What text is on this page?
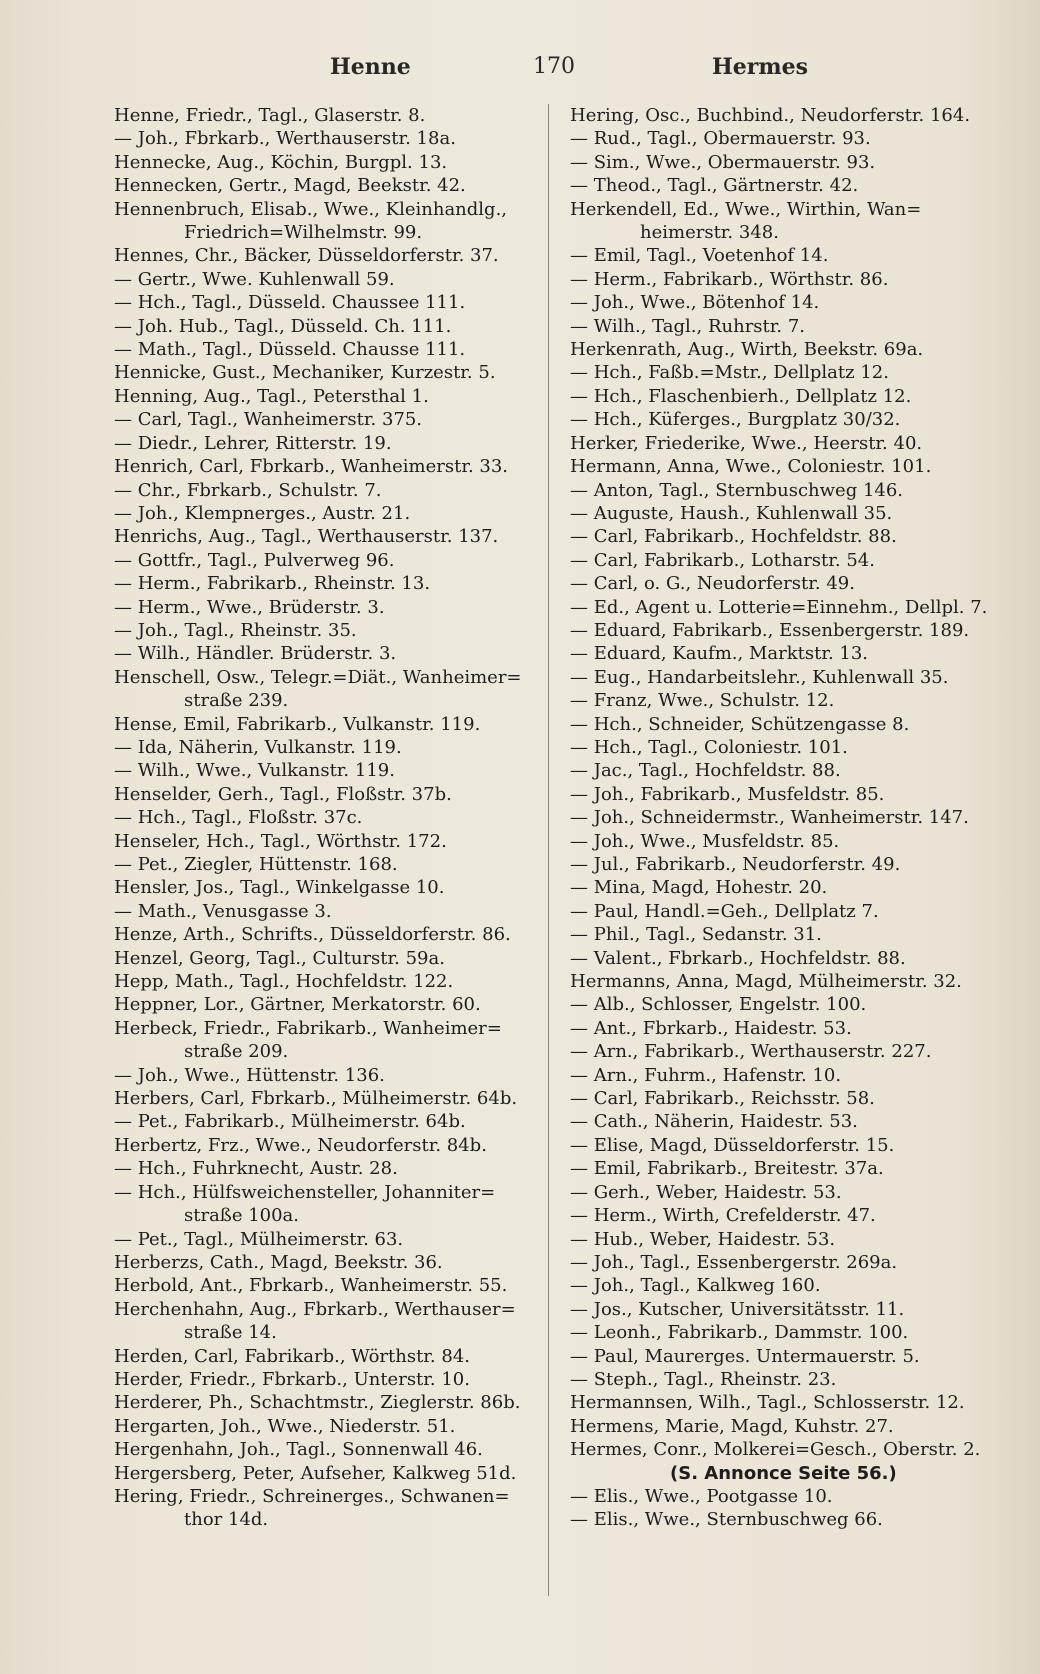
Henne	170	Hermes
Henne, Friedr., Tagl., Glaserstr. 8.
— Joh., Fbrkarb., Werthauserstr. 18a.
Hennecke, Aug., Köchin, Burgpl. 13.
Hennecken, Gertr., Magd, Beekstr. 42.
Hennenbruch, Elisab., Wwe., Kleinhandlg.,
Friedrich=Wilhelmstr. 99.
Hennes, Chr., Bäcker, Düsseldorferstr. 37.
— Gertr., Wwe. Kuhlenwall 59.
— Hch., Tagl., Düsseld. Chaussee 111.
— Joh. Hub., Tagl., Düsseld. Ch. 111.
— Math., Tagl., Düsseld. Chausse 111.
Hennicke, Gust., Mechaniker, Kurzestr. 5.
Henning, Aug., Tagl., Petersthal 1.
— Carl, Tagl., Wanheimerstr. 375.
— Diedr., Lehrer, Ritterstr. 19.
Henrich, Carl, Fbrkarb., Wanheimerstr. 33.
— Chr., Fbrkarb., Schulstr. 7.
— Joh., Klempnerges., Austr. 21.
Henrichs, Aug., Tagl., Werthauserstr. 137.
— Gottfr., Tagl., Pulverweg 96.
— Herm., Fabrikarb., Rheinstr. 13.
— Herm., Wwe., Brüderstr. 3.
— Joh., Tagl., Rheinstr. 35.
— Wilh., Händler. Brüderstr. 3.
Henschell, Osw., Telegr.=Diät., Wanheimer=
straße 239.
Hense, Emil, Fabrikarb., Vulkanstr. 119.
— Ida, Näherin, Vulkanstr. 119.
— Wilh., Wwe., Vulkanstr. 119.
Henselder, Gerh., Tagl., Floßstr. 37b.
— Hch., Tagl., Floßstr. 37c.
Henseler, Hch., Tagl., Wörthstr. 172.
— Pet., Ziegler, Hüttenstr. 168.
Hensler, Jos., Tagl., Winkelgasse 10.
— Math., Venusgasse 3.
Henze, Arth., Schrifts., Düsseldorferstr. 86.
Henzel, Georg, Tagl., Culturstr. 59a.
Hepp, Math., Tagl., Hochfeldstr. 122.
Heppner, Lor., Gärtner, Merkatorstr. 60.
Herbeck, Friedr., Fabrikarb., Wanheimer=
straße 209.
— Joh., Wwe., Hüttenstr. 136.
Herbers, Carl, Fbrkarb., Mülheimerstr. 64b.
— Pet., Fabrikarb., Mülheimerstr. 64b.
Herbertz, Frz., Wwe., Neudorferstr. 84b.
— Hch., Fuhrknecht, Austr. 28.
— Hch., Hülfsweichensteller, Johanniter=
straße 100a.
— Pet., Tagl., Mülheimerstr. 63.
Herberzs, Cath., Magd, Beekstr. 36.
Herbold, Ant., Fbrkarb., Wanheimerstr. 55.
Herchenhahn, Aug., Fbrkarb., Werthauser=
straße 14.
Herden, Carl, Fabrikarb., Wörthstr. 84.
Herder, Friedr., Fbrkarb., Unterstr. 10.
Herderer, Ph., Schachtmstr., Zieglerstr. 86b.
Hergarten, Joh., Wwe., Niederstr. 51.
Hergenhahn, Joh., Tagl., Sonnenwall 46.
Hergersberg, Peter, Aufseher, Kalkweg 51d.
Hering, Friedr., Schreinerges., Schwanen=
thor 14d.
Hering, Osc., Buchbind., Neudorferstr. 164.
— Rud., Tagl., Obermauerstr. 93.
— Sim., Wwe., Obermauerstr. 93.
— Theod., Tagl., Gärtnerstr. 42.
Herkendell, Ed., Wwe., Wirthin, Wan=
heimerstr. 348.
— Emil, Tagl., Voetenhof 14.
— Herm., Fabrikarb., Wörthstr. 86.
— Joh., Wwe., Bötenhof 14.
— Wilh., Tagl., Ruhrstr. 7.
Herkenrath, Aug., Wirth, Beekstr. 69a.
— Hch., Faßb.=Mstr., Dellplatz 12.
— Hch., Flaschenbierh., Dellplatz 12.
— Hch., Küferges., Burgplatz 30/32.
Herker, Friederike, Wwe., Heerstr. 40.
Hermann, Anna, Wwe., Coloniestr. 101.
— Anton, Tagl., Sternbuschweg 146.
— Auguste, Haush., Kuhlenwall 35.
— Carl, Fabrikarb., Hochfeldstr. 88.
— Carl, Fabrikarb., Lotharstr. 54.
— Carl, o. G., Neudorferstr. 49.
— Ed., Agent u. Lotterie=Einnehm., Dellpl. 7.
— Eduard, Fabrikarb., Essenbergerstr. 189.
— Eduard, Kaufm., Marktstr. 13.
— Eug., Handarbeitslehr., Kuhlenwall 35.
— Franz, Wwe., Schulstr. 12.
— Hch., Schneider, Schützengasse 8.
— Hch., Tagl., Coloniestr. 101.
— Jac., Tagl., Hochfeldstr. 88.
— Joh., Fabrikarb., Musfeldstr. 85.
— Joh., Schneidermstr., Wanheimerstr. 147.
— Joh., Wwe., Musfeldstr. 85.
— Jul., Fabrikarb., Neudorferstr. 49.
— Mina, Magd, Hohestr. 20.
— Paul, Handl.=Geh., Dellplatz 7.
— Phil., Tagl., Sedanstr. 31.
— Valent., Fbrkarb., Hochfeldstr. 88.
Hermanns, Anna, Magd, Mülheimerstr. 32.
— Alb., Schlosser, Engelstr. 100.
— Ant., Fbrkarb., Haidestr. 53.
— Arn., Fabrikarb., Werthauserstr. 227.
— Arn., Fuhrm., Hafenstr. 10.
— Carl, Fabrikarb., Reichsstr. 58.
— Cath., Näherin, Haidestr. 53.
— Elise, Magd, Düsseldorferstr. 15.
— Emil, Fabrikarb., Breitestr. 37a.
— Gerh., Weber, Haidestr. 53.
— Herm., Wirth, Crefelderstr. 47.
— Hub., Weber, Haidestr. 53.
— Joh., Tagl., Essenbergerstr. 269a.
— Joh., Tagl., Kalkweg 160.
— Jos., Kutscher, Universitätsstr. 11.
— Leonh., Fabrikarb., Dammstr. 100.
— Paul, Maurerges. Untermauerstr. 5.
— Steph., Tagl., Rheinstr. 23.
Hermannsen, Wilh., Tagl., Schlosserstr. 12.
Hermens, Marie, Magd, Kuhstr. 27.
Hermes, Conr., Molkerei=Gesch., Oberstr. 2.
(S. Annonce Seite 56.)
— Elis., Wwe., Pootgasse 10.
— Elis., Wwe., Sternbuschweg 66.
